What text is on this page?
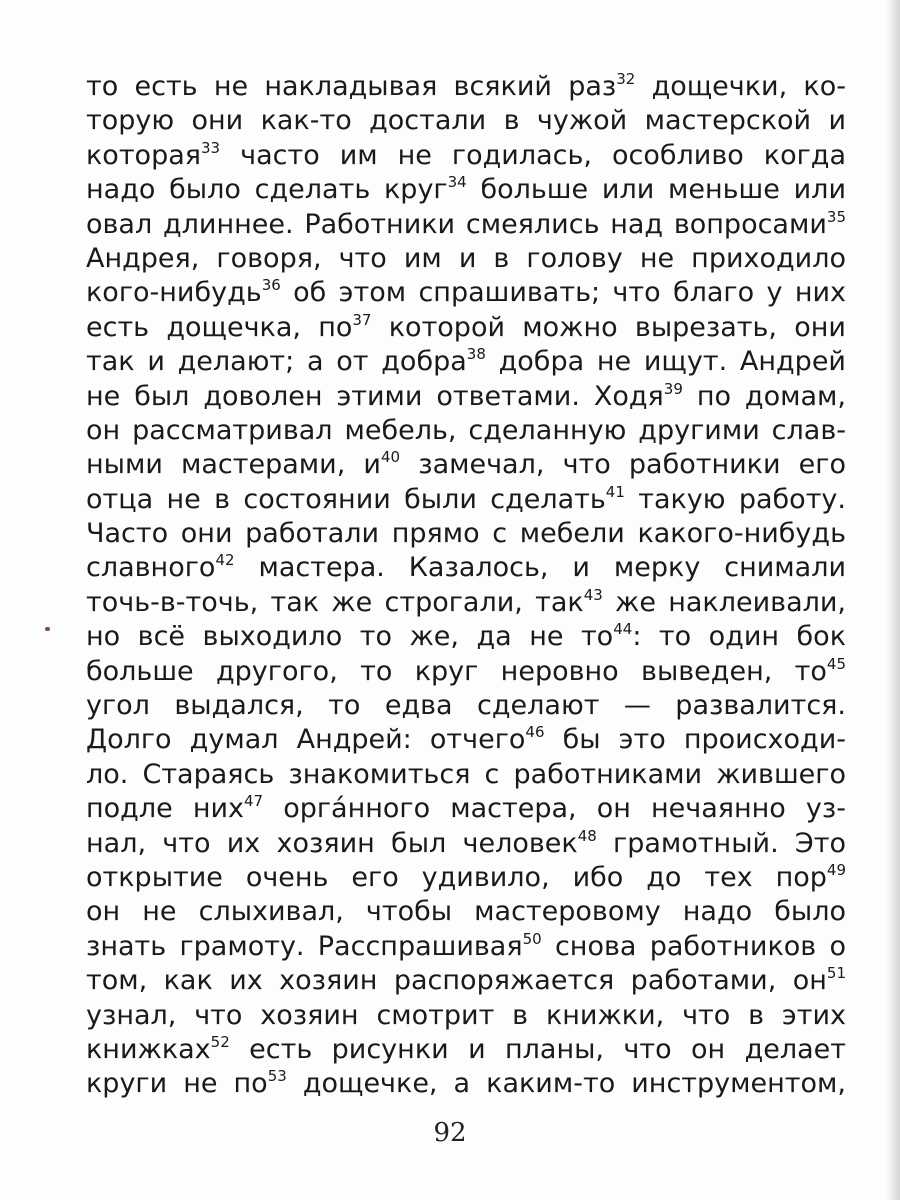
то есть не накладывая всякий раз$^{32}$ дощечки, ко-
торую они как-то достали в чужой мастерской и
которая$^{33}$ часто им не годилась, особливо когда
надо было сделать круг$^{34}$ больше или меньше или
овал длиннее. Работники смеялись над вопросами$^{35}$
Андрея, говоря, что им и в голову не приходило
кого-нибудь$^{36}$ об этом спрашивать; что благо у них
есть дощечка, $по^{37}$ которой можно вырезать, они
так и делают; а от добра$^{38}$ добра не ищут. Андрей
не был доволен этими ответами. Ходя$^{39}$ по домам,
он рассматривал мебель, сделанную другими слав-
ными мастерами, $и^{40}$ замечал, что работники его
отца не в состоянии были сделать$^{41}$ такую работу.
Часто они работали прямо с мебели какого-нибудь
славного$^{42}$ мастера. Казалось, и мерку снимали
точь-в-точь, так же строгали, так$^{43}$ же наклеивали,
но всё выходило то же, да не $то^{44}$: то один бок
больше другого, то круг неровно выведен, $то^{45}$
угол выдался, то едва сделают — развалится.
Долго думал Андрей: отчего$^{46}$ бы это происходи-
ло. Стараясь знакомиться с работниками жившего
подле них$^{47}$ орга́нного мастера, он нечаянно уз-
нал, что их хозяин был человек$^{48}$ грамотный. Это
открытие очень его удивило, ибо до тех пор$^{49}$
он не слыхивал, чтобы мастеровому надо было
знать грамоту. Расспрашивая$^{50}$ снова работников о
том, как их хозяин распоряжается работами, $он^{51}$
узнал, что хозяин смотрит в книжки, что в этих
книжках$^{52}$ есть рисунки и планы, что он делает
круги не $по^{53}$ дощечке, а каким-то инструментом,
92
